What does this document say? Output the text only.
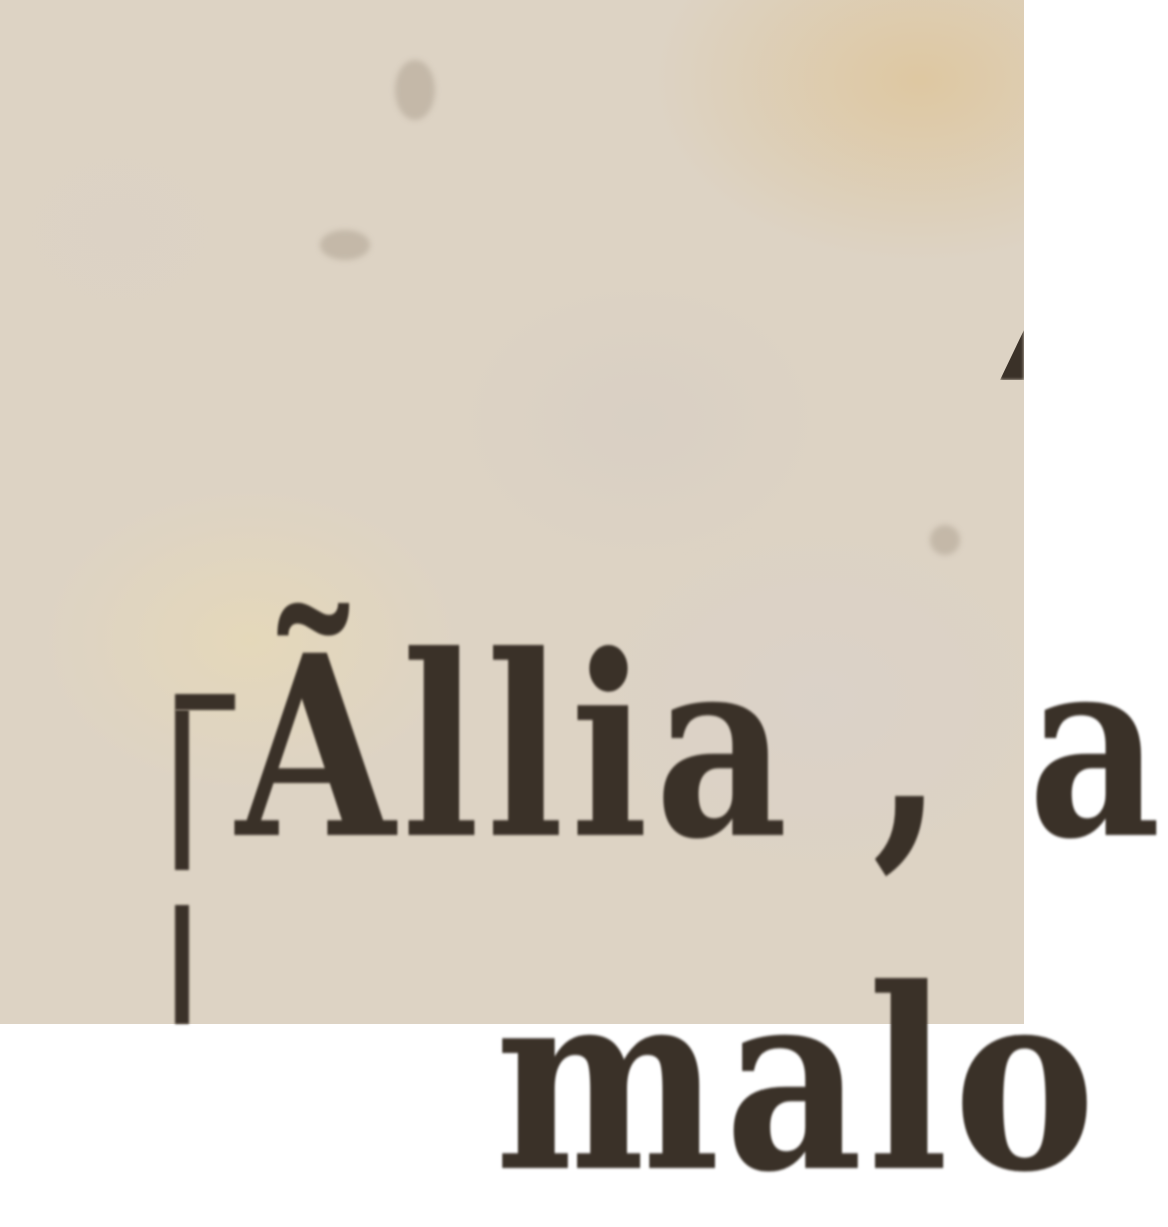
Ãllia , a
malo
